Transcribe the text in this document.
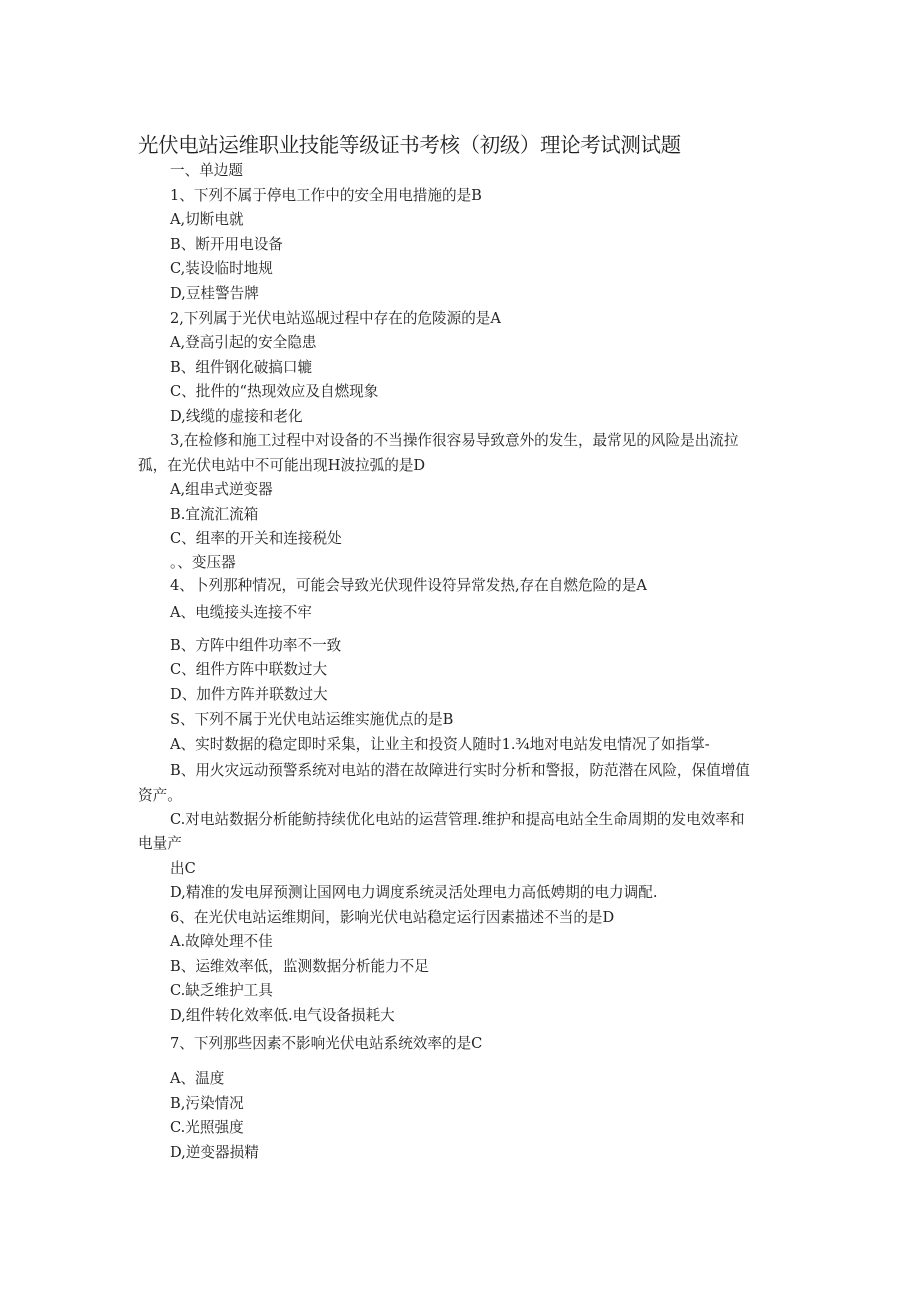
光伏电站运维职业技能等级证书考核（初级）理论考试测试题
一、单边题
1、下列不属于停电工作中的安全用电措施的是B
A,切断电就
B、断开用电设备
C,装设临时地规
D,豆桂警告牌
2,下列属于光伏电站巡觇过程中存在的危陵源的是A
A,登高引起的安全隐患
B、组件钢化破搞口辘
C、批件的“热现效应及自燃现象
D,线缆的虚接和老化
3,在检修和施工过程中对设备的不当操作很容易导致意外的发生，最常见的风险是出流拉
孤，在光伏电站中不可能出现H波拉弧的是D
A,组串式逆变器
B.宜流汇流箱
C、组率的开关和连接税处
。、变压器
4、卜列那种情况，可能会导致光伏现件设符异常发热,存在自燃危险的是A
A、电缆接头连接不牢
B、方阵中组件功率不一致
C、组件方阵中联数过大
D、加件方阵并联数过大
S、下列不属于光伏电站运维实施优点的是B
A、实时数据的稳定即时采集，让业主和投资人随时1.¾地对电站发电情况了如指掌-
B、用火灾远动预警系统对电站的潜在故障进行实时分析和警报，防范潜在风险，保值增值
资产。
C.对电站数据分析能鲂持续优化电站的运营管理.维护和提高电站全生命周期的发电效率和
电量产
出C
D,精准的发电屏预测让国网电力调度系统灵活处理电力高低娉期的电力调配.
6、在光伏电站运维期间，影响光伏电站稳定运行因素描述不当的是D
A.故障处理不佳
B、运维效率低，监测数据分析能力不足
C.缺乏维护工具
D,组件转化效率低.电气设备损耗大
7、下列那些因素不影响光伏电站系统效率的是C
A、温度
B,污染情况
C.光照强度
D,逆变器损精
